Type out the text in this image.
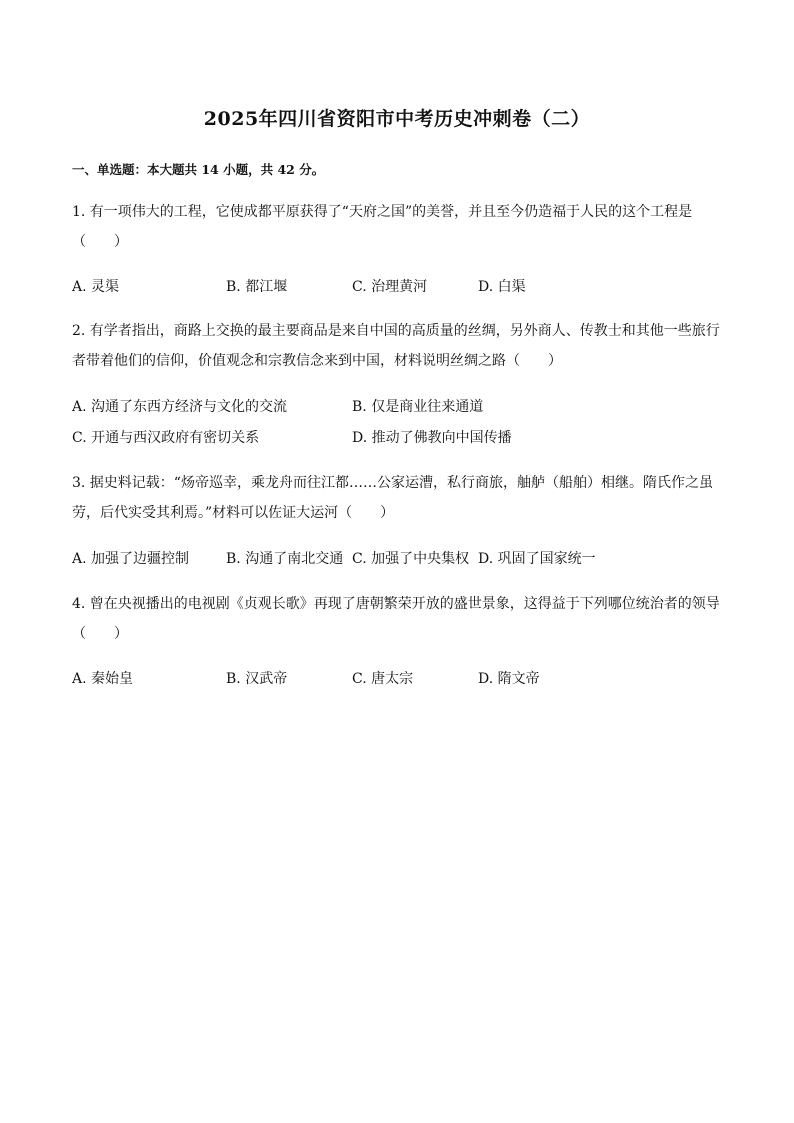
2025年四川省资阳市中考历史冲刺卷（二）
一、单选题：本大题共 14 小题，共 42 分。
1. 有一项伟大的工程，它使成都平原获得了“天府之国”的美誉，并且至今仍造福于人民的这个工程是（　　）
A. 灵渠	B. 都江堰	C. 治理黄河	D. 白渠
2. 有学者指出，商路上交换的最主要商品是来自中国的高质量的丝绸，另外商人、传教士和其他一些旅行者带着他们的信仰，价值观念和宗教信念来到中国，材料说明丝绸之路（　　）
A. 沟通了东西方经济与文化的交流	B. 仅是商业往来通道
C. 开通与西汉政府有密切关系	D. 推动了佛教向中国传播
3. 据史料记载：“炀帝巡幸，乘龙舟而往江都……公家运漕，私行商旅，舳舻（船舶）相继。隋氏作之虽劳，后代实受其利焉。”材料可以佐证大运河（　　）
A. 加强了边疆控制	B. 沟通了南北交通 C. 加强了中央集权 D. 巩固了国家统一
4. 曾在央视播出的电视剧《贞观长歌》再现了唐朝繁荣开放的盛世景象，这得益于下列哪位统治者的领导（　　）
A. 秦始皇	B. 汉武帝	C. 唐太宗	D. 隋文帝
